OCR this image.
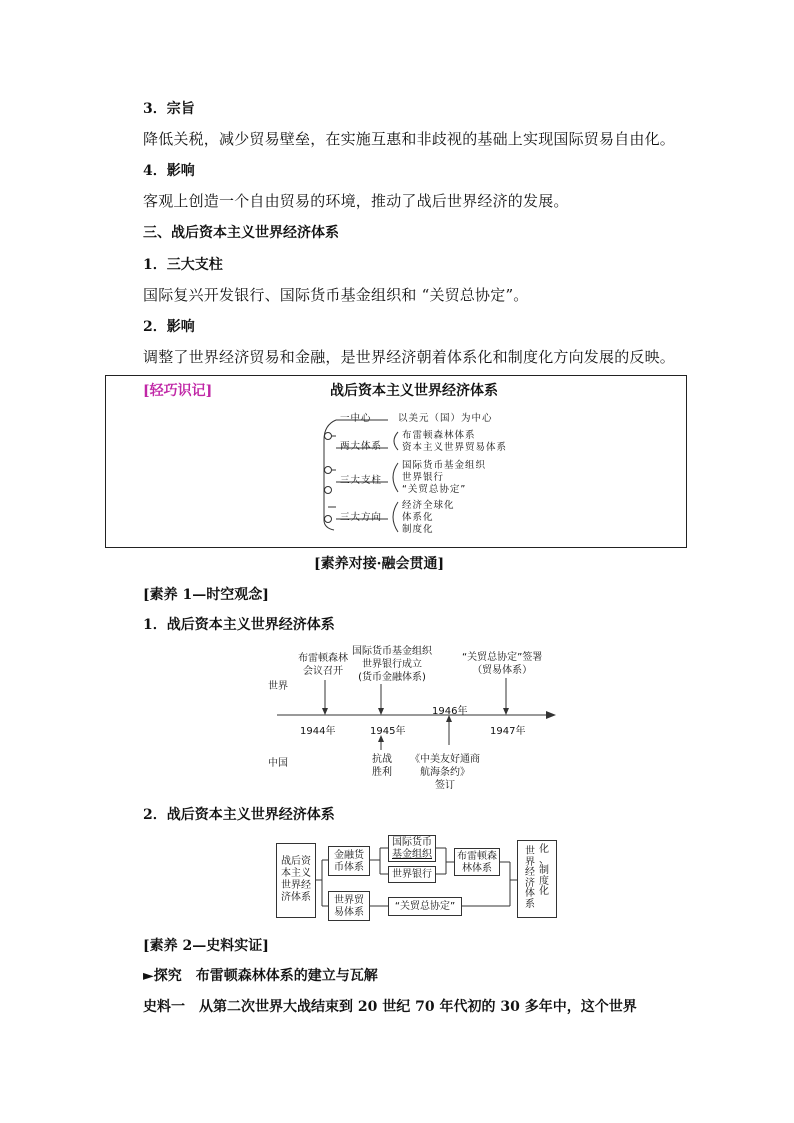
3．宗旨
降低关税，减少贸易壁垒，在实施互惠和非歧视的基础上实现国际贸易自由化。
4．影响
客观上创造一个自由贸易的环境，推动了战后世界经济的发展。
三、战后资本主义世界经济体系
1．三大支柱
国际复兴开发银行、国际货币基金组织和 “关贸总协定”。
2．影响
调整了世界经济贸易和金融，是世界经济朝着体系化和制度化方向发展的反映。
[轻巧识记]	战后资本主义世界经济体系
一中心	以美元（国）为中心
两大体系
布雷顿森林体系
资本主义世界贸易体系
三大支柱
国际货币基金组织
世界银行
“关贸总协定”
三大方向
经济全球化
体系化
制度化
[素养对接·融会贯通]
[素养 1—时空观念]
1．战后资本主义世界经济体系
世界
中国
1944年	1945年
1946年
1947年
布雷顿森林
会议召开
国际货币基金组织
世界银行成立
(货币金融体系)
“关贸总协定”签署
（贸易体系）
抗战
胜利
《中美友好通商
航海条约》
签订
2．战后资本主义世界经济体系
战后资
本主义
世界经
济体系
金融货
币体系
世界贸
易体系
国际货币
基金组织
世界银行
布雷顿森
林体系
“关贸总协定”
世
界
经
济
体
系
化
、
制
度
化
[素养 2—史料实证]
►探究　布雷顿森林体系的建立与瓦解
史料一　从第二次世界大战结束到 20 世纪 70 年代初的 30 多年中，这个世界
